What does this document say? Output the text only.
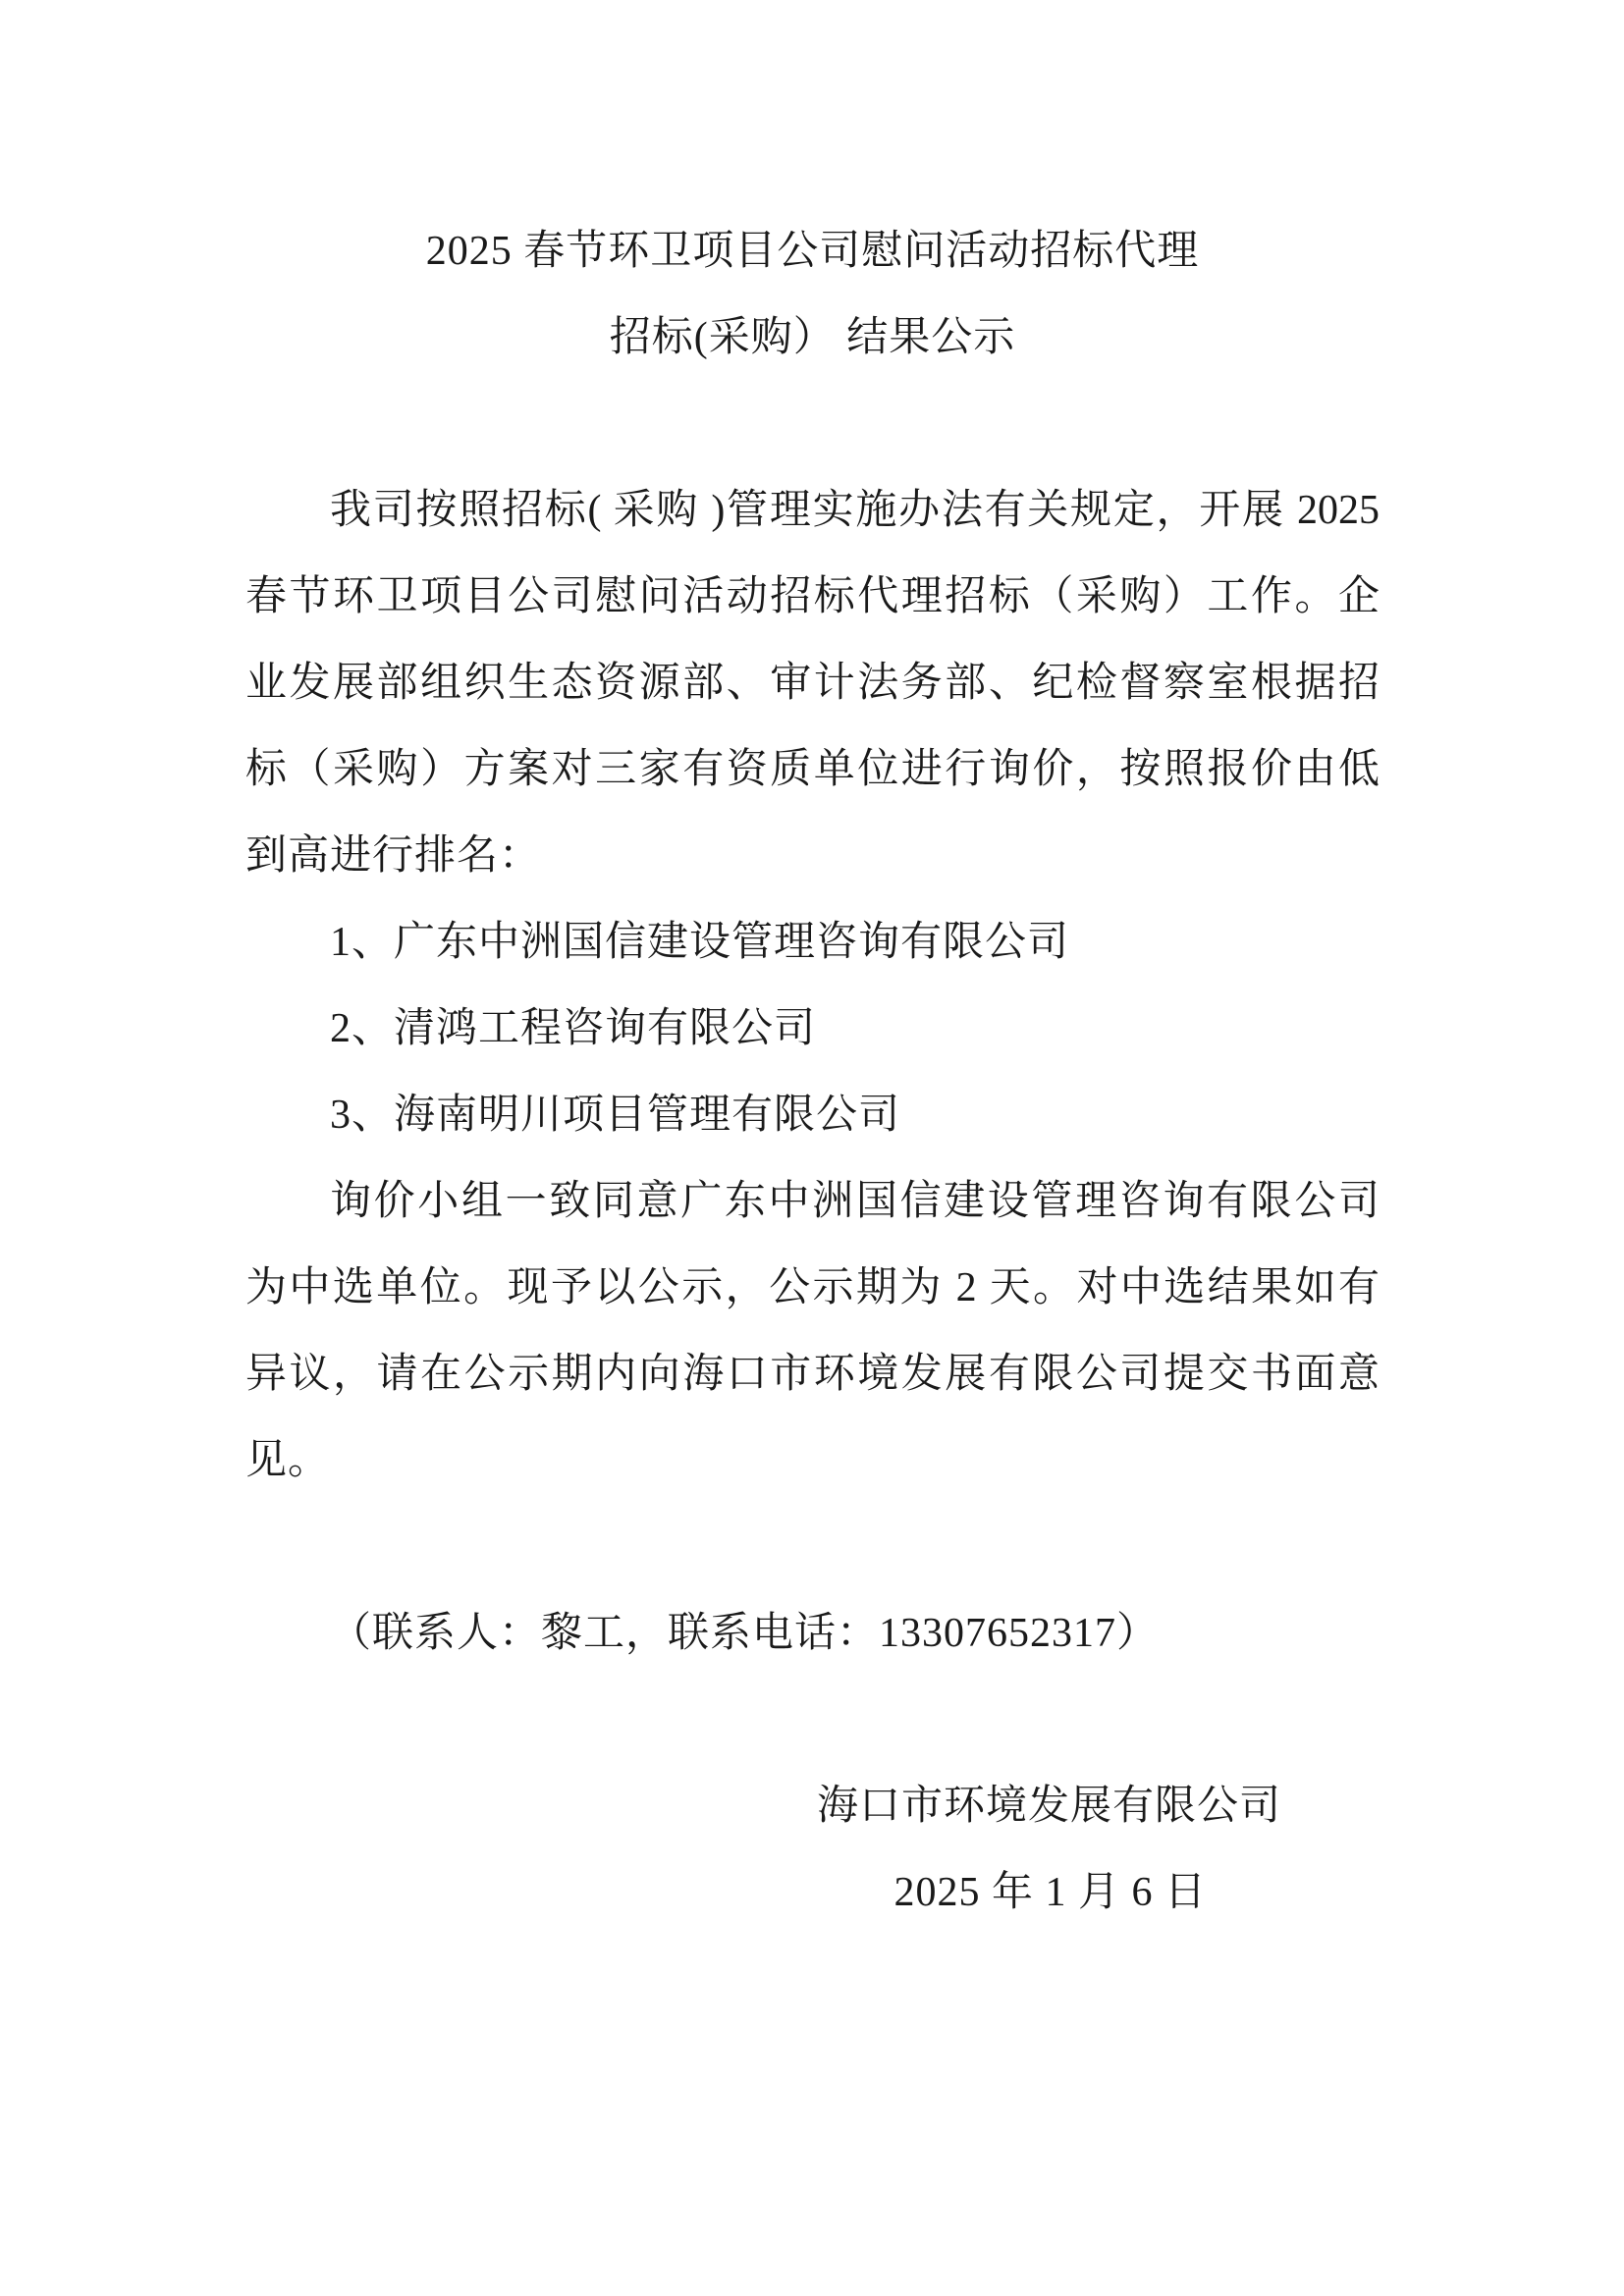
2025 春节环卫项目公司慰问活动招标代理
招标(采购） 结果公示
我司按照招标( 采购 )管理实施办法有关规定，开展 2025
春节环卫项目公司慰问活动招标代理招标（采购）工作。企
业发展部组织生态资源部、审计法务部、纪检督察室根据招
标（采购）方案对三家有资质单位进行询价，按照报价由低
到高进行排名：
1、广东中洲国信建设管理咨询有限公司
2、清鸿工程咨询有限公司
3、海南明川项目管理有限公司
询价小组一致同意广东中洲国信建设管理咨询有限公司
为中选单位。现予以公示，公示期为 2 天。对中选结果如有
异议，请在公示期内向海口市环境发展有限公司提交书面意
见。
（联系人：黎工，联系电话：13307652317）
海口市环境发展有限公司
2025 年 1 月 6 日
